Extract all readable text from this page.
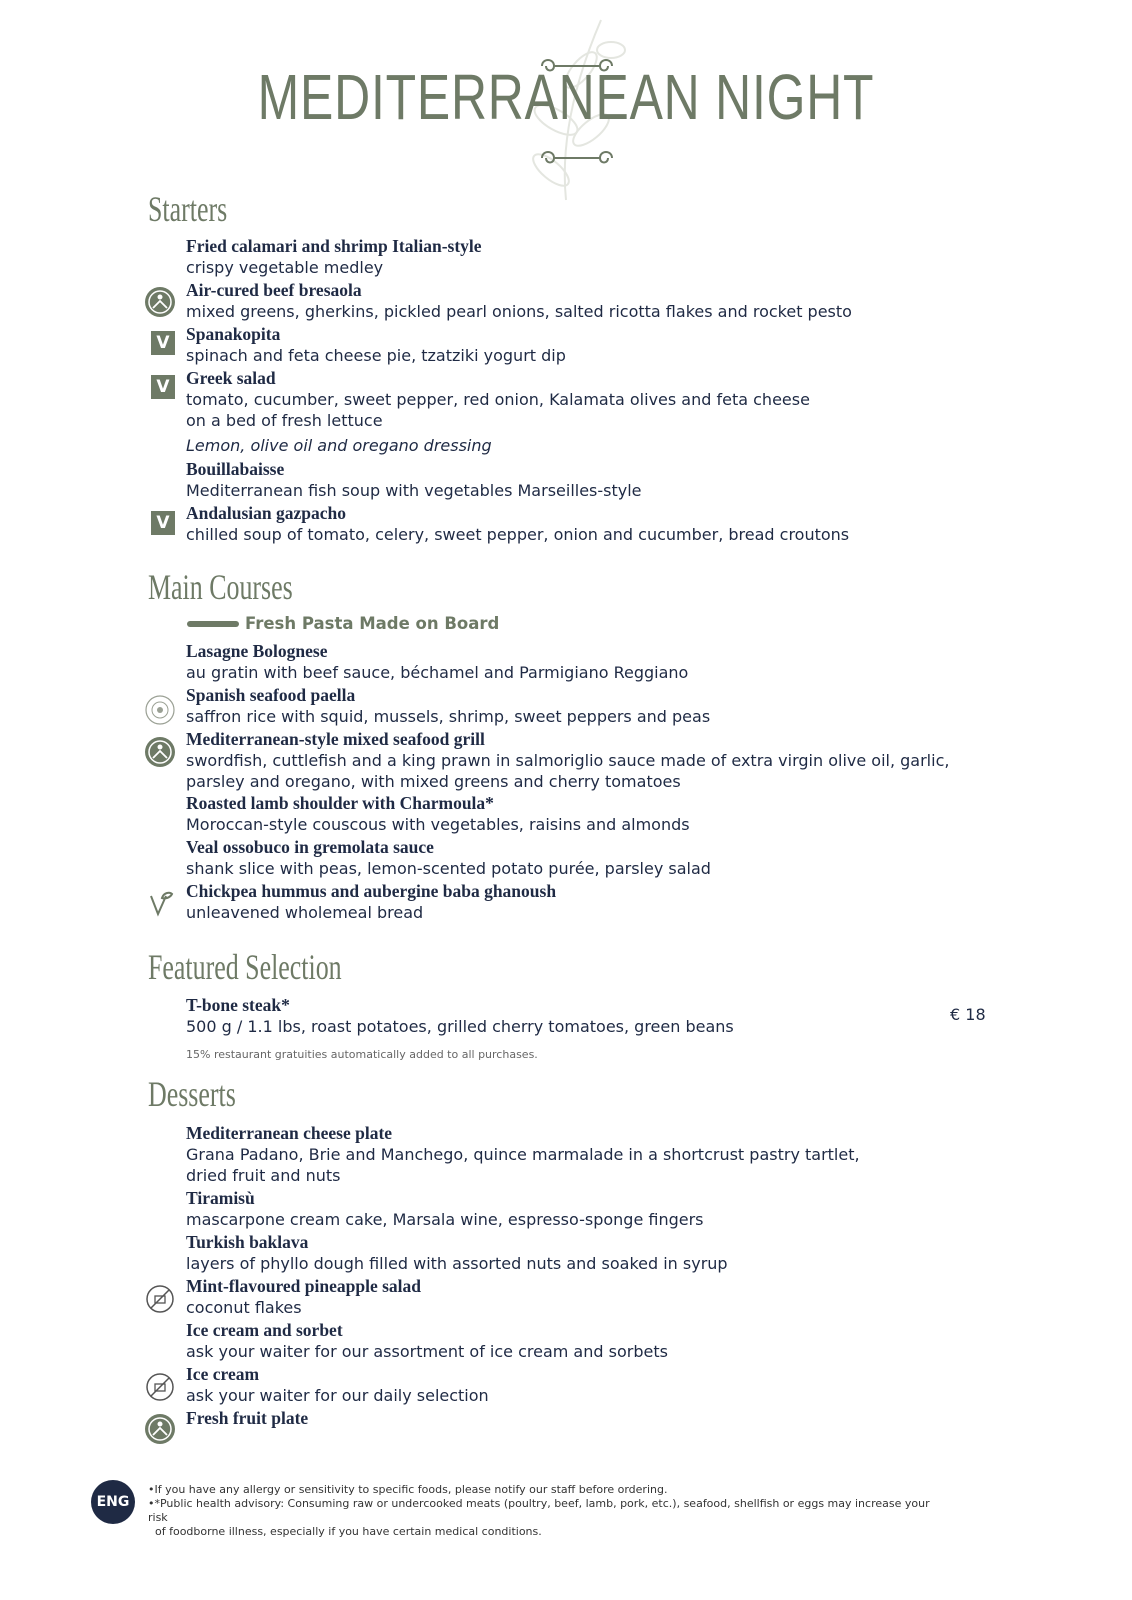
MEDITERRANEAN NIGHT
Starters
Fried calamari and shrimp Italian-style
crispy vegetable medley
Air-cured beef bresaola
mixed greens, gherkins, pickled pearl onions, salted ricotta flakes and rocket pesto
V Spanakopita
spinach and feta cheese pie, tzatziki yogurt dip
V Greek salad
tomato, cucumber, sweet pepper, red onion, Kalamata olives and feta cheese
on a bed of fresh lettuce
Lemon, olive oil and oregano dressing
Bouillabaisse
Mediterranean fish soup with vegetables Marseilles-style
V Andalusian gazpacho
chilled soup of tomato, celery, sweet pepper, onion and cucumber, bread croutons
Main Courses
Fresh Pasta Made on Board
Lasagne Bolognese
au gratin with beef sauce, béchamel and Parmigiano Reggiano
Spanish seafood paella
saffron rice with squid, mussels, shrimp, sweet peppers and peas
Mediterranean-style mixed seafood grill
swordfish, cuttlefish and a king prawn in salmoriglio sauce made of extra virgin olive oil, garlic,
parsley and oregano, with mixed greens and cherry tomatoes
Roasted lamb shoulder with Charmoula*
Moroccan-style couscous with vegetables, raisins and almonds
Veal ossobuco in gremolata sauce
shank slice with peas, lemon-scented potato purée, parsley salad
Chickpea hummus and aubergine baba ghanoush
unleavened wholemeal bread
Featured Selection
T-bone steak*
500 g / 1.1 lbs, roast potatoes, grilled cherry tomatoes, green beans
€ 18
15% restaurant gratuities automatically added to all purchases.
Desserts
Mediterranean cheese plate
Grana Padano, Brie and Manchego, quince marmalade in a shortcrust pastry tartlet,
dried fruit and nuts
Tiramisù
mascarpone cream cake, Marsala wine, espresso-sponge fingers
Turkish baklava
layers of phyllo dough filled with assorted nuts and soaked in syrup
Mint-flavoured pineapple salad
coconut flakes
Ice cream and sorbet
ask your waiter for our assortment of ice cream and sorbets
Ice cream
ask your waiter for our daily selection
Fresh fruit plate
ENG
•If you have any allergy or sensitivity to specific foods, please notify our staff before ordering.
•*Public health advisory: Consuming raw or undercooked meats (poultry, beef, lamb, pork, etc.), seafood, shellfish or eggs may increase your risk
of foodborne illness, especially if you have certain medical conditions.
